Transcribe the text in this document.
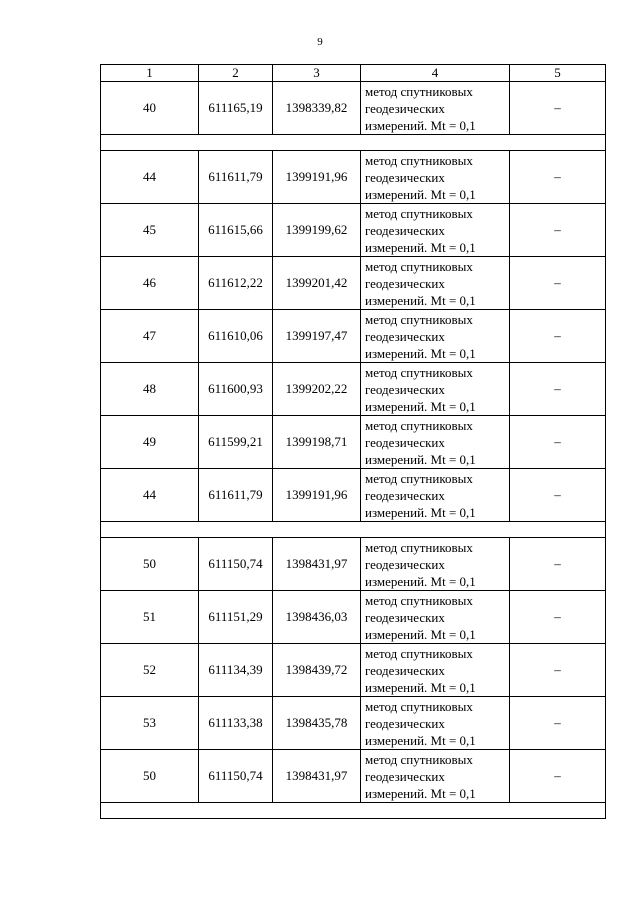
9
1	2	3	4	5
40	611165,19	1398339,82	метод спутниковых
геодезических
измерений. Mt = 0,1	–

44	611611,79	1399191,96	метод спутниковых
геодезических
измерений. Mt = 0,1	–
45	611615,66	1399199,62	метод спутниковых
геодезических
измерений. Mt = 0,1	–
46	611612,22	1399201,42	метод спутниковых
геодезических
измерений. Mt = 0,1	–
47	611610,06	1399197,47	метод спутниковых
геодезических
измерений. Mt = 0,1	–
48	611600,93	1399202,22	метод спутниковых
геодезических
измерений. Mt = 0,1	–
49	611599,21	1399198,71	метод спутниковых
геодезических
измерений. Mt = 0,1	–
44	611611,79	1399191,96	метод спутниковых
геодезических
измерений. Mt = 0,1	–

50	611150,74	1398431,97	метод спутниковых
геодезических
измерений. Mt = 0,1	–
51	611151,29	1398436,03	метод спутниковых
геодезических
измерений. Mt = 0,1	–
52	611134,39	1398439,72	метод спутниковых
геодезических
измерений. Mt = 0,1	–
53	611133,38	1398435,78	метод спутниковых
геодезических
измерений. Mt = 0,1	–
50	611150,74	1398431,97	метод спутниковых
геодезических
измерений. Mt = 0,1	–
